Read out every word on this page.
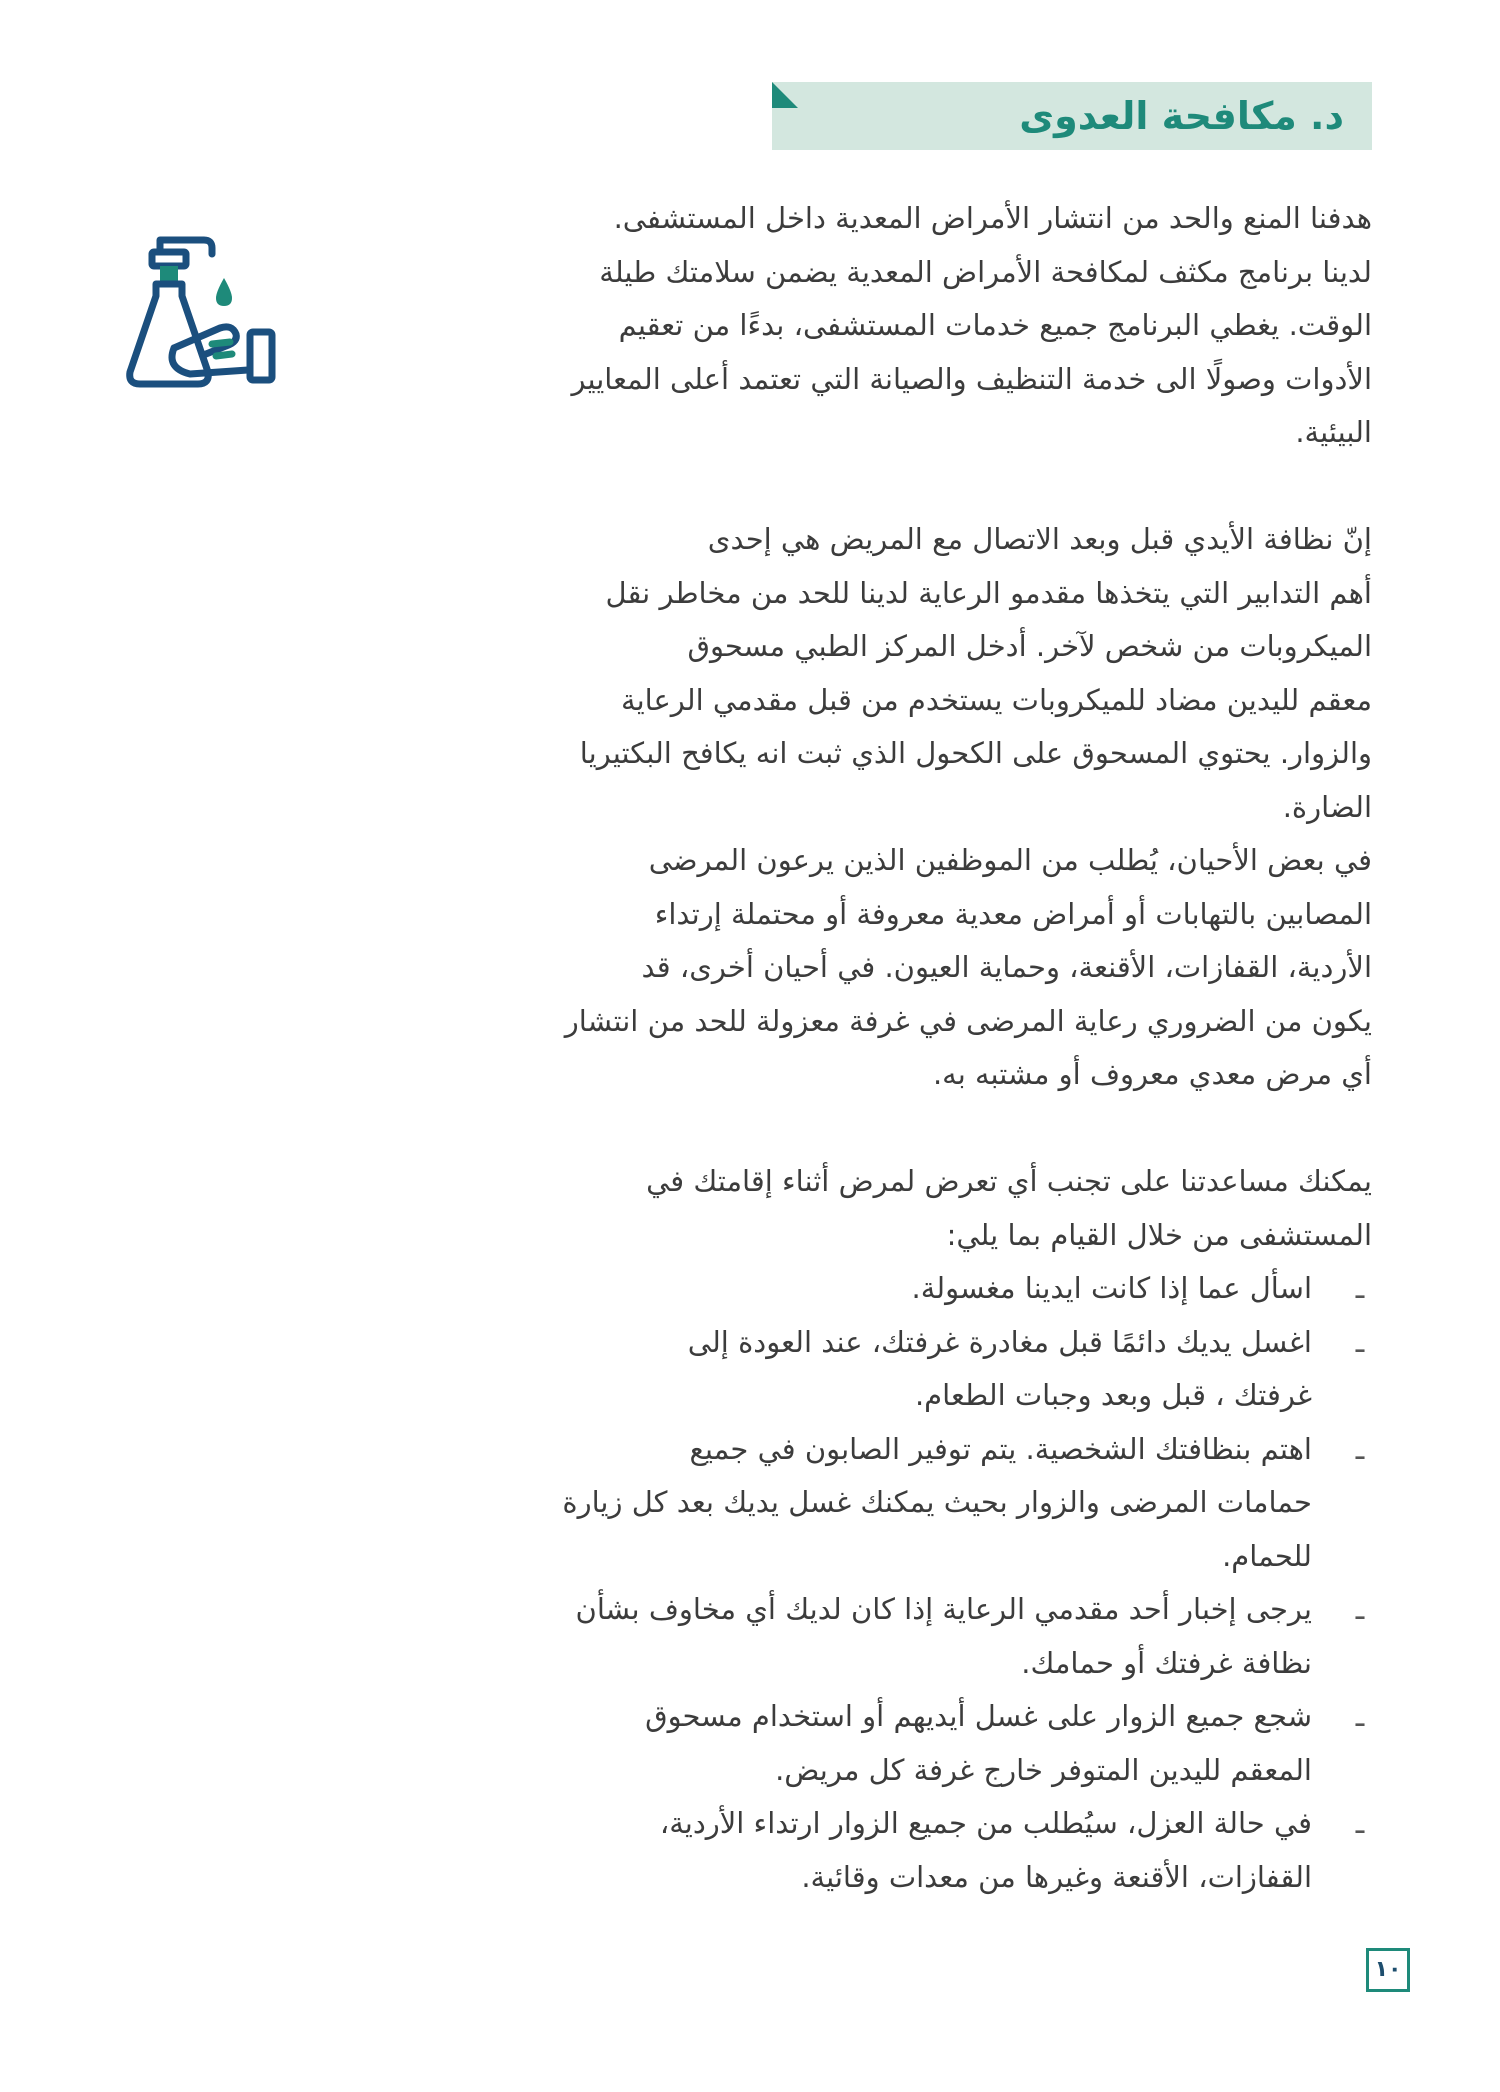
د. مكافحة العدوى

هدفنا المنع والحد من انتشار الأمراض المعدية داخل المستشفى.
لدينا برنامج مكثف لمكافحة الأمراض المعدية يضمن سلامتك طيلة
الوقت. يغطي البرنامج جميع خدمات المستشفى، بدءًا من تعقيم
الأدوات وصولًا الى خدمة التنظيف والصيانة التي تعتمد أعلى المعايير
البيئية.

إنّ نظافة الأيدي قبل وبعد الاتصال مع المريض هي إحدى
أهم التدابير التي يتخذها مقدمو الرعاية لدينا للحد من مخاطر نقل
الميكروبات من شخص لآخر. أدخل المركز الطبي مسحوق
معقم لليدين مضاد للميكروبات يستخدم من قبل مقدمي الرعاية
والزوار. يحتوي المسحوق على الكحول الذي ثبت انه يكافح البكتيريا
الضارة.

في بعض الأحيان، يُطلب من الموظفين الذين يرعون المرضى
المصابين بالتهابات أو أمراض معدية معروفة أو محتملة إرتداء
الأردية، القفازات، الأقنعة، وحماية العيون. في أحيان أخرى، قد
يكون من الضروري رعاية المرضى في غرفة معزولة للحد من انتشار
أي مرض معدي معروف أو مشتبه به.

يمكنك مساعدتنا على تجنب أي تعرض لمرض أثناء إقامتك في
المستشفى من خلال القيام بما يلي:

ـ
اسأل عما إذا كانت ايدينا مغسولة.
ـ
اغسل يديك دائمًا قبل مغادرة غرفتك، عند العودة إلى
غرفتك ، قبل وبعد وجبات الطعام.
ـ
اهتم بنظافتك الشخصية. يتم توفير الصابون في جميع
حمامات المرضى والزوار بحيث يمكنك غسل يديك بعد كل زيارة
للحمام.
ـ
يرجى إخبار أحد مقدمي الرعاية إذا كان لديك أي مخاوف بشأن
نظافة غرفتك أو حمامك.
ـ
شجع جميع الزوار على غسل أيديهم أو استخدام مسحوق
المعقم لليدين المتوفر خارج غرفة كل مريض.
ـ
في حالة العزل، سيُطلب من جميع الزوار ارتداء الأردية،
القفازات، الأقنعة وغيرها من معدات وقائية.
١٠
